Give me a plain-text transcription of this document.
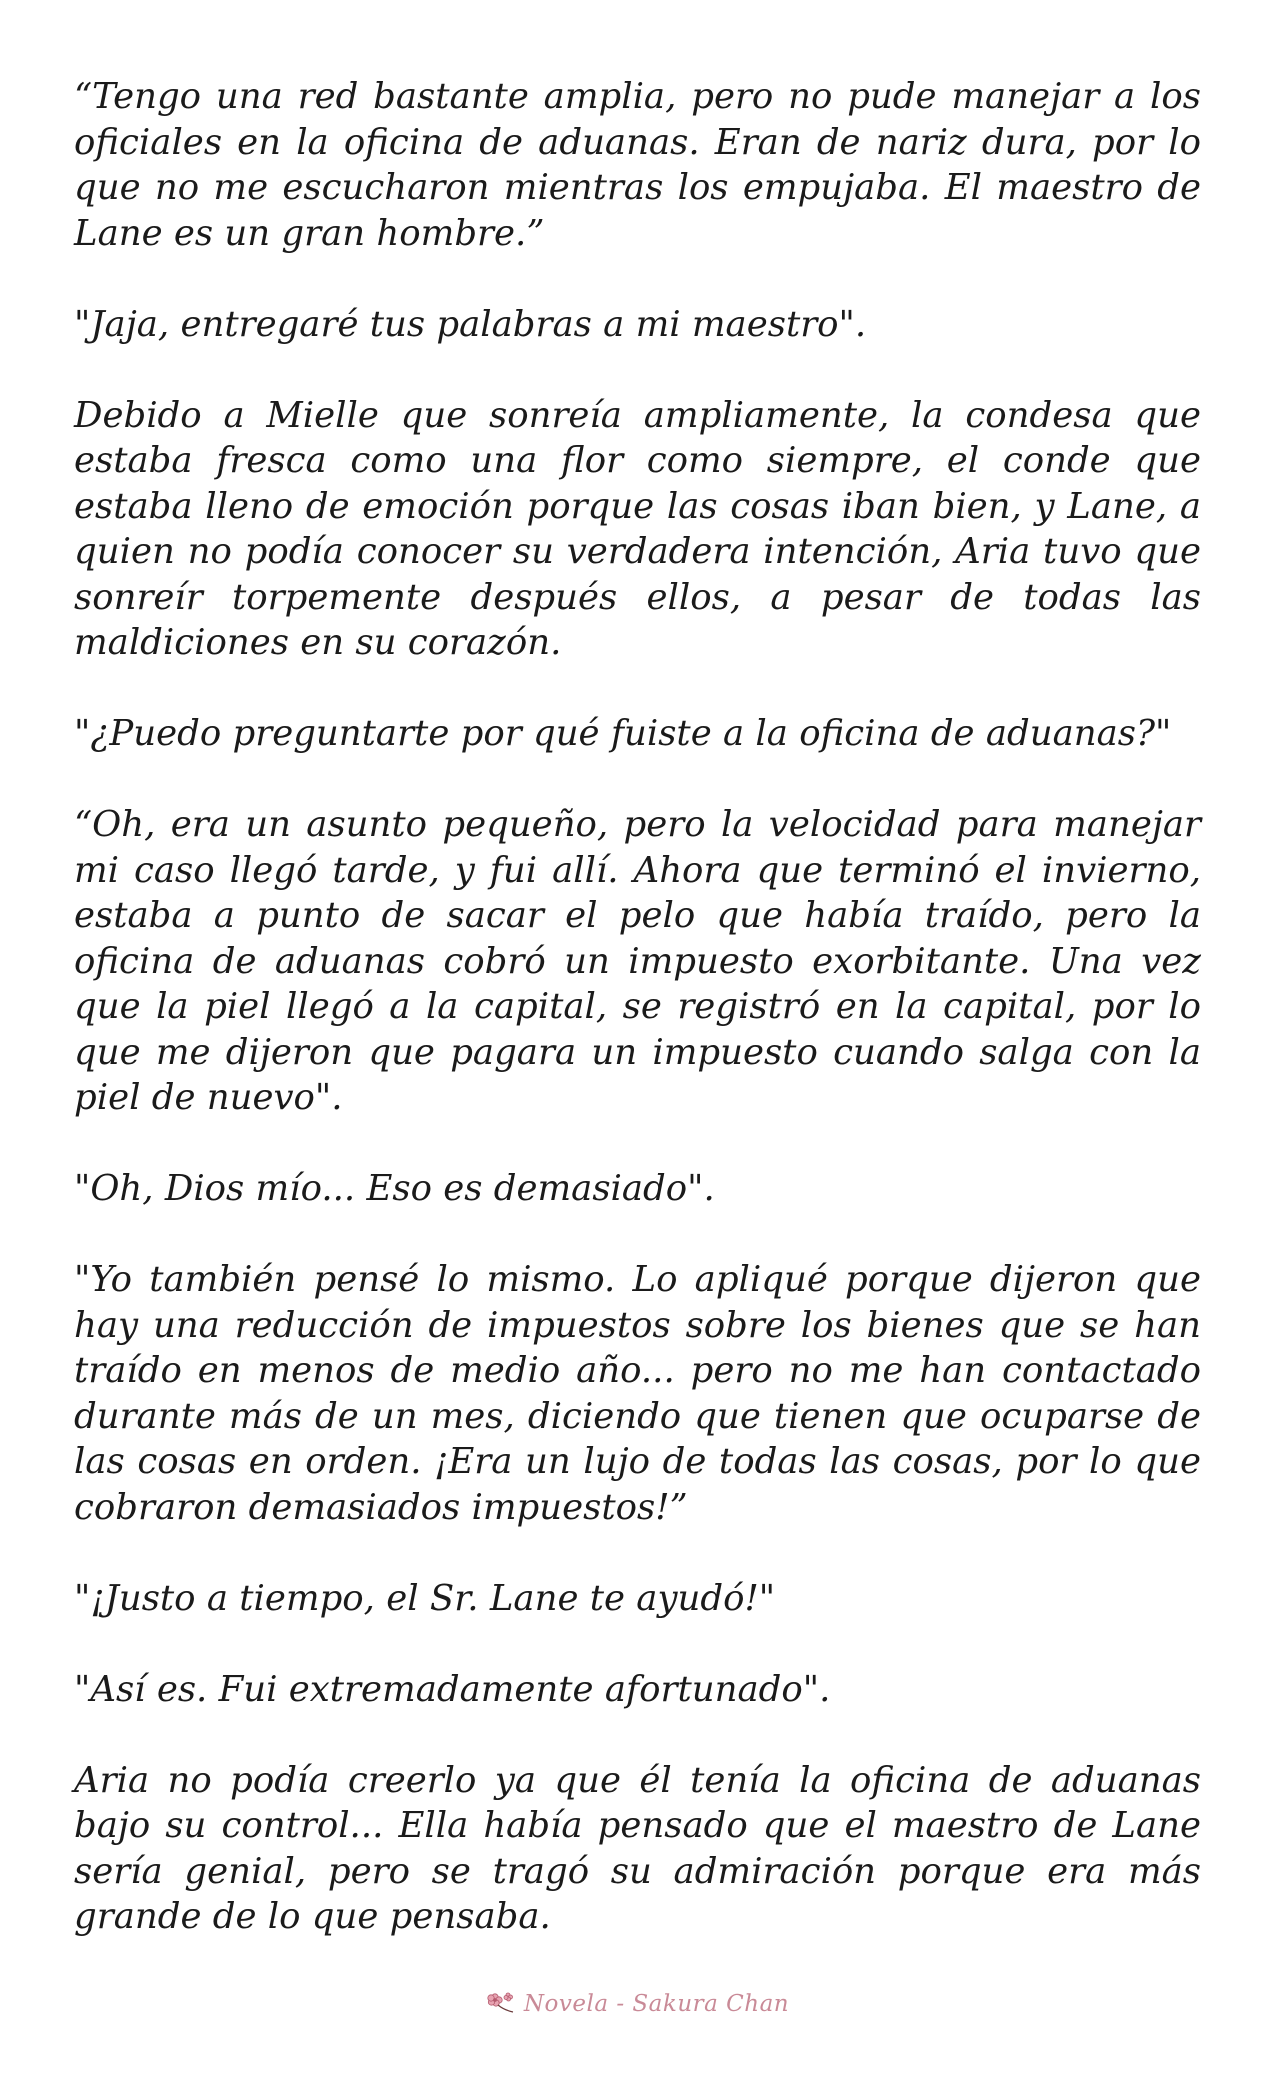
“Tengo una red bastante amplia, pero no pude manejar a los oficiales en la oficina de aduanas. Eran de nariz dura, por lo que no me escucharon mientras los empujaba. El maestro de Lane es un gran hombre.”

"Jaja, entregaré tus palabras a mi maestro".

Debido a Mielle que sonreía ampliamente, la condesa que estaba fresca como una flor como siempre, el conde que estaba lleno de emoción porque las cosas iban bien, y Lane, a quien no podía conocer su verdadera intención, Aria tuvo que sonreír torpemente después ellos, a pesar de todas las maldiciones en su corazón.

"¿Puedo preguntarte por qué fuiste a la oficina de aduanas?"

“Oh, era un asunto pequeño, pero la velocidad para manejar mi caso llegó tarde, y fui allí. Ahora que terminó el invierno, estaba a punto de sacar el pelo que había traído, pero la oficina de aduanas cobró un impuesto exorbitante. Una vez que la piel llegó a la capital, se registró en la capital, por lo que me dijeron que pagara un impuesto cuando salga con la piel de nuevo".

"Oh, Dios mío... Eso es demasiado".

"Yo también pensé lo mismo. Lo apliqué porque dijeron que hay una reducción de impuestos sobre los bienes que se han traído en menos de medio año... pero no me han contactado durante más de un mes, diciendo que tienen que ocuparse de las cosas en orden. ¡Era un lujo de todas las cosas, por lo que cobraron demasiados impuestos!”

"¡Justo a tiempo, el Sr. Lane te ayudó!"

"Así es. Fui extremadamente afortunado".

Aria no podía creerlo ya que él tenía la oficina de aduanas bajo su control... Ella había pensado que el maestro de Lane sería genial, pero se tragó su admiración porque era más grande de lo que pensaba.

Novela - Sakura Chan
